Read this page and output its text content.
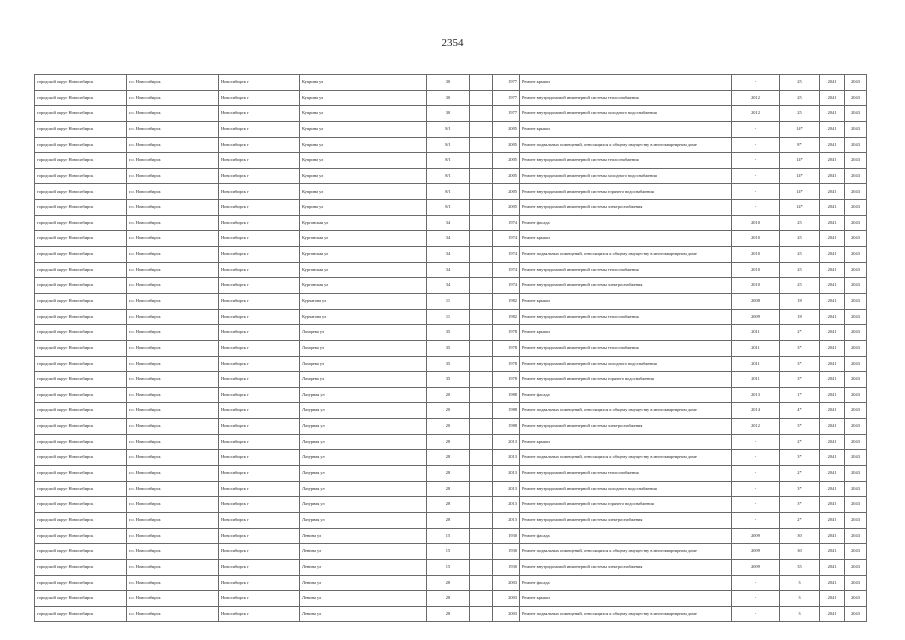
2354
городской округ Новосибирск	г.о. Новосибирск	Новосибирск г	Куприна ул	30		1977	Ремонт крыши	-	25	2041	2043
городской округ Новосибирск	г.о. Новосибирск	Новосибирск г	Куприна ул	30		1977	Ремонт внутридомовой инженерной системы теплоснабжения	2012	25	2041	2043
городской округ Новосибирск	г.о. Новосибирск	Новосибирск г	Куприна ул	30		1977	Ремонт внутридомовой инженерной системы холодного водоснабжения	2012	25	2041	2043
городской округ Новосибирск	г.о. Новосибирск	Новосибирск г	Куприна ул	8/1		2005	Ремонт крыши	-	14*	2041	2043
городской округ Новосибирск	г.о. Новосибирск	Новосибирск г	Куприна ул	8/1		2005	Ремонт подвальных помещений, относящихся к общему имуществу в многоквартирном доме	-	8*	2041	2043
городской округ Новосибирск	г.о. Новосибирск	Новосибирск г	Куприна ул	8/1		2005	Ремонт внутридомовой инженерной системы теплоснабжения	-	14*	2041	2043
городской округ Новосибирск	г.о. Новосибирск	Новосибирск г	Куприна ул	8/1		2005	Ремонт внутридомовой инженерной системы холодного водоснабжения	-	14*	2041	2043
городской округ Новосибирск	г.о. Новосибирск	Новосибирск г	Куприна ул	8/1		2005	Ремонт внутридомовой инженерной системы горячего водоснабжения	-	14*	2041	2043
городской округ Новосибирск	г.о. Новосибирск	Новосибирск г	Куприна ул	8/1		2005	Ремонт внутридомовой инженерной системы электроснабжения	-	14*	2041	2043
городской округ Новосибирск	г.о. Новосибирск	Новосибирск г	Курганская ул	34		1974	Ремонт фасада	2010	25	2041	2043
городской округ Новосибирск	г.о. Новосибирск	Новосибирск г	Курганская ул	34		1974	Ремонт крыши	2010	25	2041	2043
городской округ Новосибирск	г.о. Новосибирск	Новосибирск г	Курганская ул	34		1974	Ремонт подвальных помещений, относящихся к общему имуществу в многоквартирном доме	2010	25	2041	2043
городской округ Новосибирск	г.о. Новосибирск	Новосибирск г	Курганская ул	34		1974	Ремонт внутридомовой инженерной системы теплоснабжения	2010	25	2041	2043
городской округ Новосибирск	г.о. Новосибирск	Новосибирск г	Курганская ул	34		1974	Ремонт внутридомовой инженерной системы электроснабжения	2010	25	2041	2043
городской округ Новосибирск	г.о. Новосибирск	Новосибирск г	Курчатова ул	11		1982	Ремонт крыши	2008	18	2041	2043
городской округ Новосибирск	г.о. Новосибирск	Новосибирск г	Курчатова ул	11		1982	Ремонт внутридомовой инженерной системы теплоснабжения	2009	18	2041	2043
городской округ Новосибирск	г.о. Новосибирск	Новосибирск г	Лазарева ул	35		1978	Ремонт крыши	2011	2*	2041	2043
городской округ Новосибирск	г.о. Новосибирск	Новосибирск г	Лазарева ул	35		1978	Ремонт внутридомовой инженерной системы теплоснабжения	2011	3*	2041	2043
городской округ Новосибирск	г.о. Новосибирск	Новосибирск г	Лазарева ул	35		1978	Ремонт внутридомовой инженерной системы холодного водоснабжения	2011	3*	2041	2043
городской округ Новосибирск	г.о. Новосибирск	Новосибирск г	Лазарева ул	35		1978	Ремонт внутридомовой инженерной системы горячего водоснабжения	2011	3*	2041	2043
городской округ Новосибирск	г.о. Новосибирск	Новосибирск г	Лазурная ул	20		1988	Ремонт фасада	2013	1*	2041	2043
городской округ Новосибирск	г.о. Новосибирск	Новосибирск г	Лазурная ул	20		1988	Ремонт подвальных помещений, относящихся к общему имуществу в многоквартирном доме	2014	4*	2041	2043
городской округ Новосибирск	г.о. Новосибирск	Новосибирск г	Лазурная ул	20		1988	Ремонт внутридомовой инженерной системы электроснабжения	2012	3*	2041	2043
городской округ Новосибирск	г.о. Новосибирск	Новосибирск г	Лазурная ул	28		2013	Ремонт крыши	-	2*	2041	2043
городской округ Новосибирск	г.о. Новосибирск	Новосибирск г	Лазурная ул	28		2013	Ремонт подвальных помещений, относящихся к общему имуществу в многоквартирном доме	-	3*	2041	2043
городской округ Новосибирск	г.о. Новосибирск	Новосибирск г	Лазурная ул	28		2013	Ремонт внутридомовой инженерной системы теплоснабжения	-	2*	2041	2043
городской округ Новосибирск	г.о. Новосибирск	Новосибирск г	Лазурная ул	28		2013	Ремонт внутридомовой инженерной системы холодного водоснабжения	-	3*	2041	2043
городской округ Новосибирск	г.о. Новосибирск	Новосибирск г	Лазурная ул	28		2013	Ремонт внутридомовой инженерной системы горячего водоснабжения	-	3*	2041	2043
городской округ Новосибирск	г.о. Новосибирск	Новосибирск г	Лазурная ул	28		2013	Ремонт внутридомовой инженерной системы электроснабжения	-	2*	2041	2043
городской округ Новосибирск	г.о. Новосибирск	Новосибирск г	Ленина ул	15		1930	Ремонт фасада	2009	30	2041	2043
городской округ Новосибирск	г.о. Новосибирск	Новосибирск г	Ленина ул	15		1930	Ремонт подвальных помещений, относящихся к общему имуществу в многоквартирном доме	2009	30	2041	2043
городской округ Новосибирск	г.о. Новосибирск	Новосибирск г	Ленина ул	15		1930	Ремонт внутридомовой инженерной системы электроснабжения	2009	35	2041	2043
городской округ Новосибирск	г.о. Новосибирск	Новосибирск г	Ленина ул	28		2003	Ремонт фасада	-	3	2041	2043
городской округ Новосибирск	г.о. Новосибирск	Новосибирск г	Ленина ул	28		2003	Ремонт крыши	-	3	2041	2043
городской округ Новосибирск	г.о. Новосибирск	Новосибирск г	Ленина ул	28		2003	Ремонт подвальных помещений, относящихся к общему имуществу в многоквартирном доме	-	3	2041	2043
